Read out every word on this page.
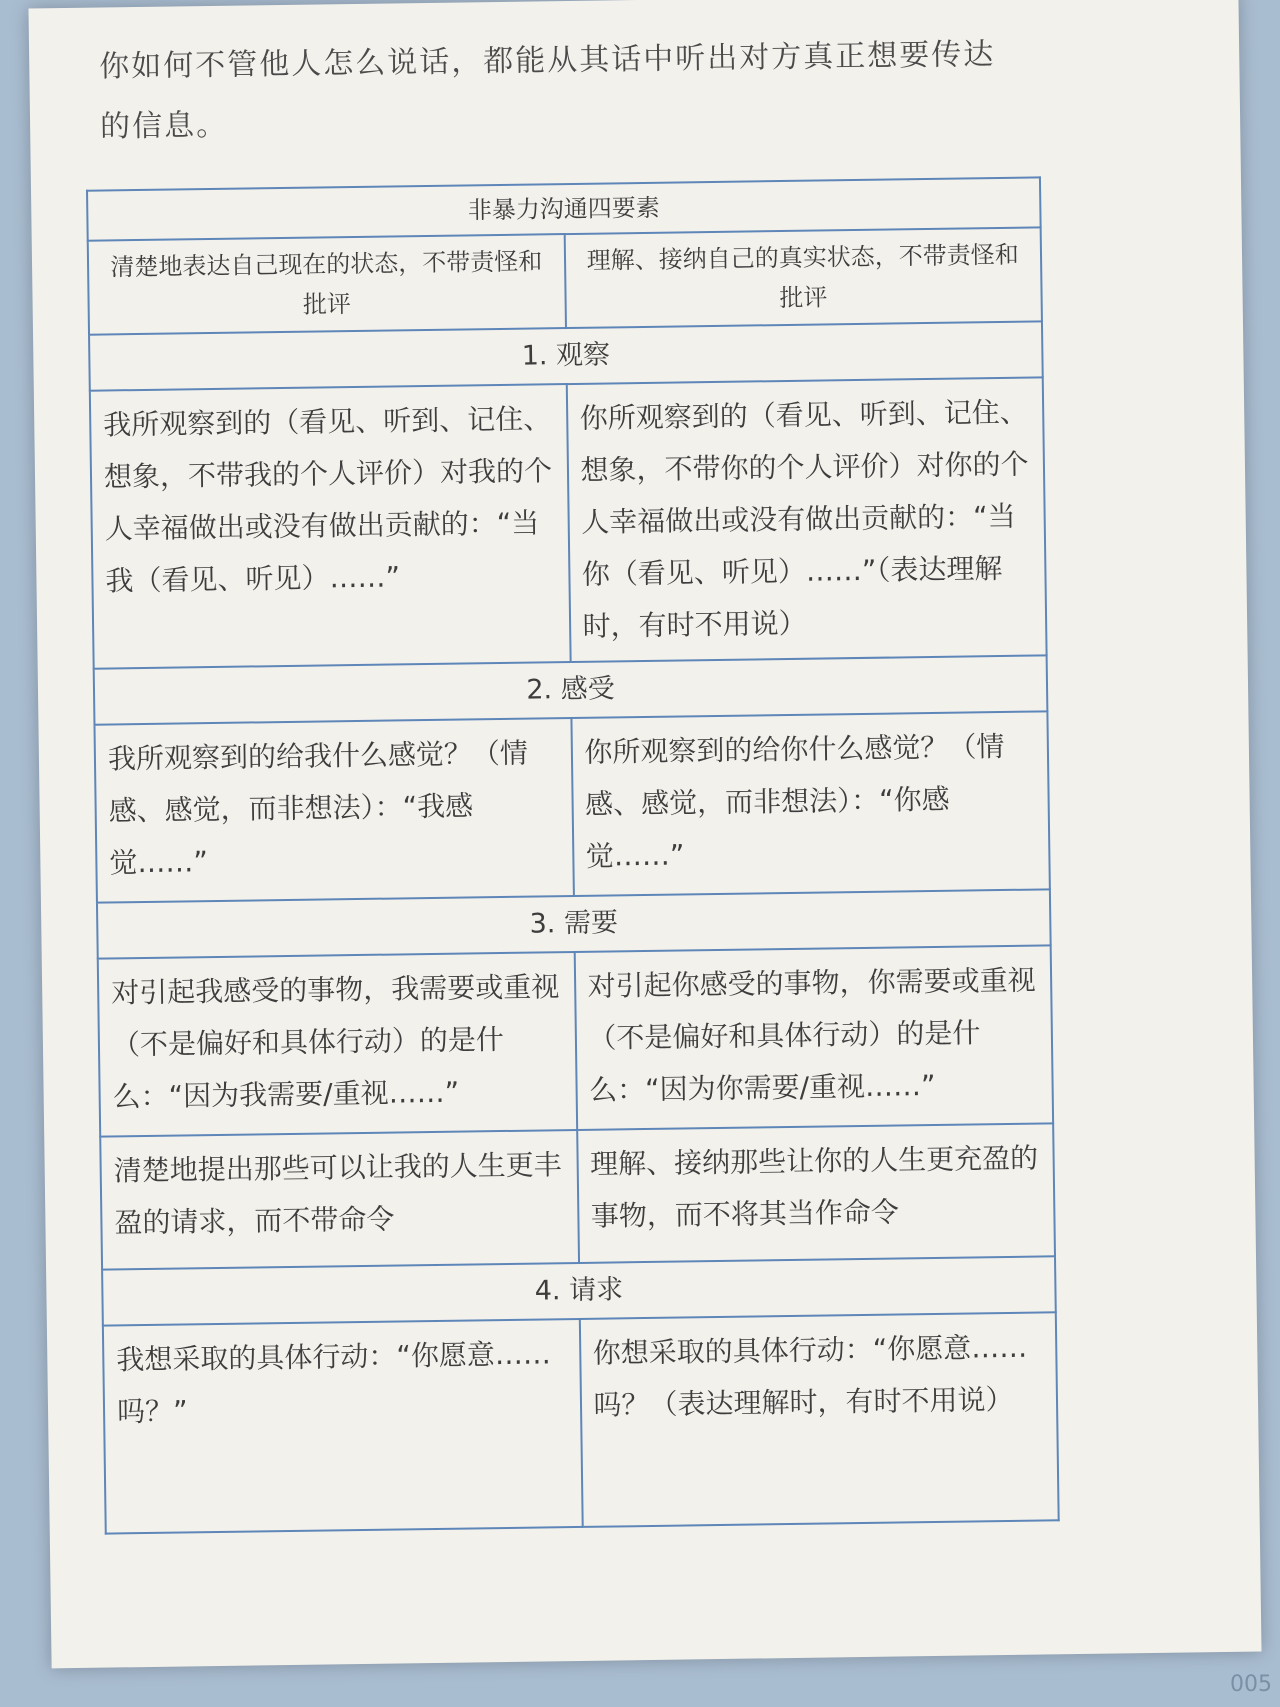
你如何不管他人怎么说话，都能从其话中听出对方真正想要传达的信息。
非暴力沟通四要素	
清楚地表达自己现在的状态，不带责怪和批评	理解、接纳自己的真实状态，不带责怪和批评
1. 观察	
我所观察到的（看见、听到、记住、想象，不带我的个人评价）对我的个人幸福做出或没有做出贡献的：“当我（看见、听见）……”	你所观察到的（看见、听到、记住、想象，不带你的个人评价）对你的个人幸福做出或没有做出贡献的：“当你（看见、听见）……”（表达理解时，有时不用说）
2. 感受	
我所观察到的给我什么感觉？（情感、感觉，而非想法）：“我感觉……”	你所观察到的给你什么感觉？（情感、感觉，而非想法）：“你感觉……”
3. 需要	
对引起我感受的事物，我需要或重视（不是偏好和具体行动）的是什么：“因为我需要/重视……”	对引起你感受的事物，你需要或重视（不是偏好和具体行动）的是什么：“因为你需要/重视……”
清楚地提出那些可以让我的人生更丰盈的请求，而不带命令	理解、接纳那些让你的人生更充盈的事物，而不将其当作命令
4. 请求	
我想采取的具体行动：“你愿意……吗？”	你想采取的具体行动：“你愿意……吗？（表达理解时，有时不用说）
005
